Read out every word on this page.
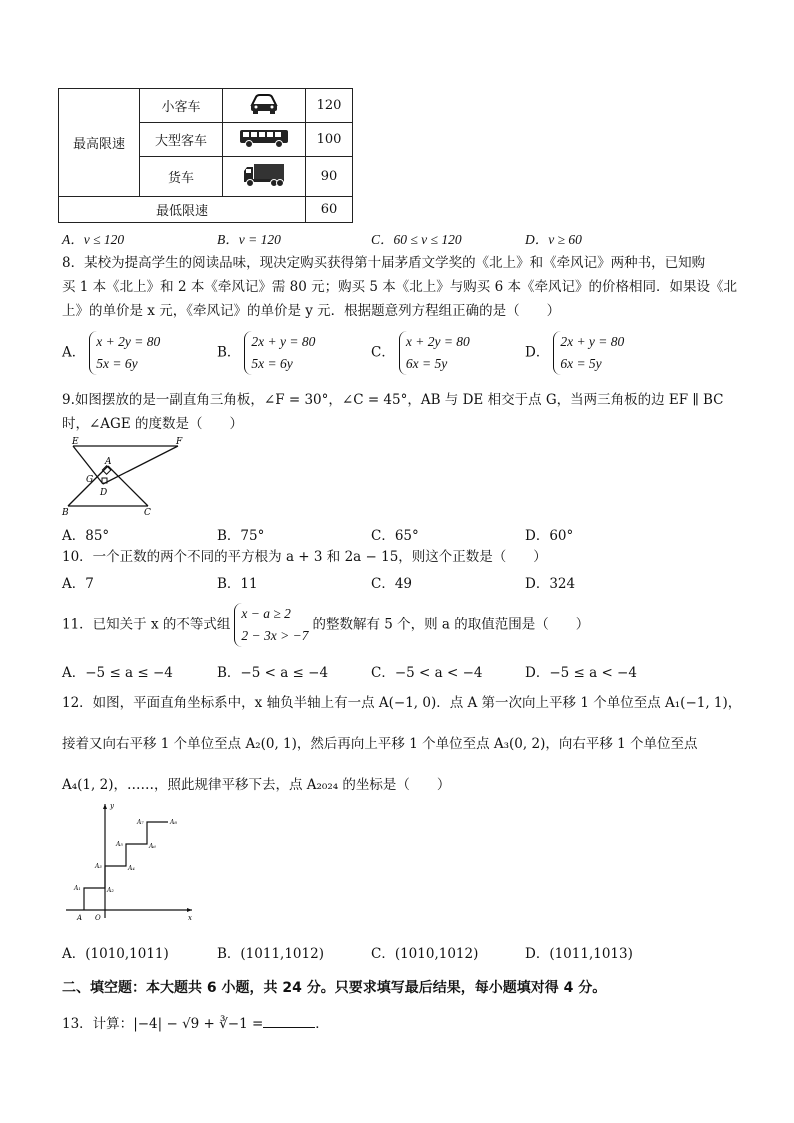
最高限速	小客车		120
	大型客车		100
	货车		90
最低限速			60
A．v ≤ 120	B．v = 120	C．60 ≤ v ≤ 120	D．v ≥ 60
8．某校为提高学生的阅读品味，现决定购买获得第十届茅盾文学奖的《北上》和《牵风记》两种书，已知购
买 1 本《北上》和 2 本《牵风记》需 80 元；购买 5 本《北上》与购买 6 本《牵风记》的价格相同．如果设《北
上》的单价是 x 元，《牵风记》的单价是 y 元．根据题意列方程组正确的是（　　）
A．x + 2y = 80
5x = 6y
B．2x + y = 80
5x = 6y
C．x + 2y = 80
6x = 5y
D．2x + y = 80
6x = 5y
9.如图摆放的是一副直角三角板，∠F = 30°，∠C = 45°，AB 与 DE 相交于点 G，当两三角板的边 EF ∥ BC
时，∠AGE 的度数是（　　）
E	F
A
G
D
B	C
A．85°	B．75°	C．65°	D．60°
10．一个正数的两个不同的平方根为 a + 3 和 2a − 15，则这个正数是（　　）
A．7	B．11	C．49	D．324
11．已知关于 x 的不等式组x − a ≥ 2
2 − 3x > −7的整数解有 5 个，则 a 的取值范围是（　　）
A．−5 ≤ a ≤ −4	B．−5 < a ≤ −4	C．−5 < a < −4	D．−5 ≤ a < −4
12．如图，平面直角坐标系中，x 轴负半轴上有一点 A(−1, 0)．点 A 第一次向上平移 1 个单位至点 A₁(−1, 1)，
接着又向右平移 1 个单位至点 A₂(0, 1)，然后再向上平移 1 个单位至点 A₃(0, 2)，向右平移 1 个单位至点
A₄(1, 2)，……，照此规律平移下去，点 A₂₀₂₄ 的坐标是（　　）
y
x
O
A
A₁	A₂
A₃	A₄
A₅	A₆
A₇	A₈
A．(1010,1011)	B．(1011,1012)	C．(1010,1012)	D．(1011,1013)
二、填空题：本大题共 6 小题，共 24 分。只要求填写最后结果，每小题填对得 4 分。
13．计算：|−4| − √9 + ∛−1 =	．
